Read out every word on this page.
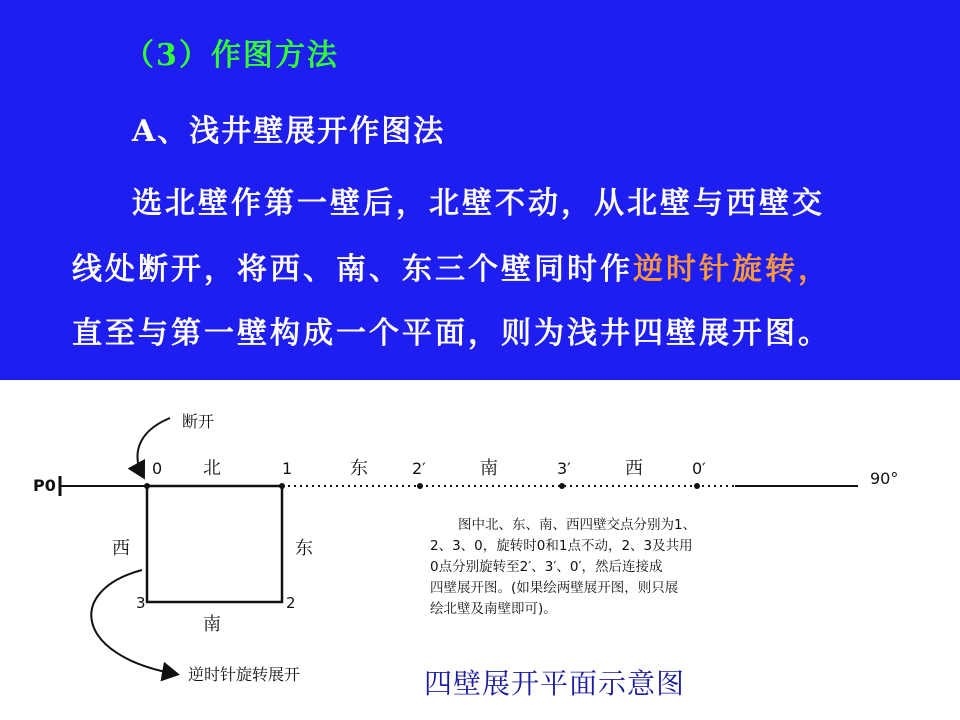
（3）作图方法
A、浅井壁展开作图法
选北壁作第一壁后，北壁不动，从北壁与西壁交
线处断开，将西、南、东三个壁同时作逆时针旋转，
直至与第一壁构成一个平面，则为浅井四壁展开图。
断开
逆时针旋转展开
P0	90°
0	1
2
3
2′	3′	0′
北	东	南	西
西	东
南
图中北、东、南、西四壁交点分别为1、
2、3、0，旋转时0和1点不动，2、3及共用
0点分别旋转至2′、3′、0′，然后连接成
四壁展开图。(如果绘两壁展开图，则只展
绘北壁及南壁即可)。
四壁展开平面示意图
